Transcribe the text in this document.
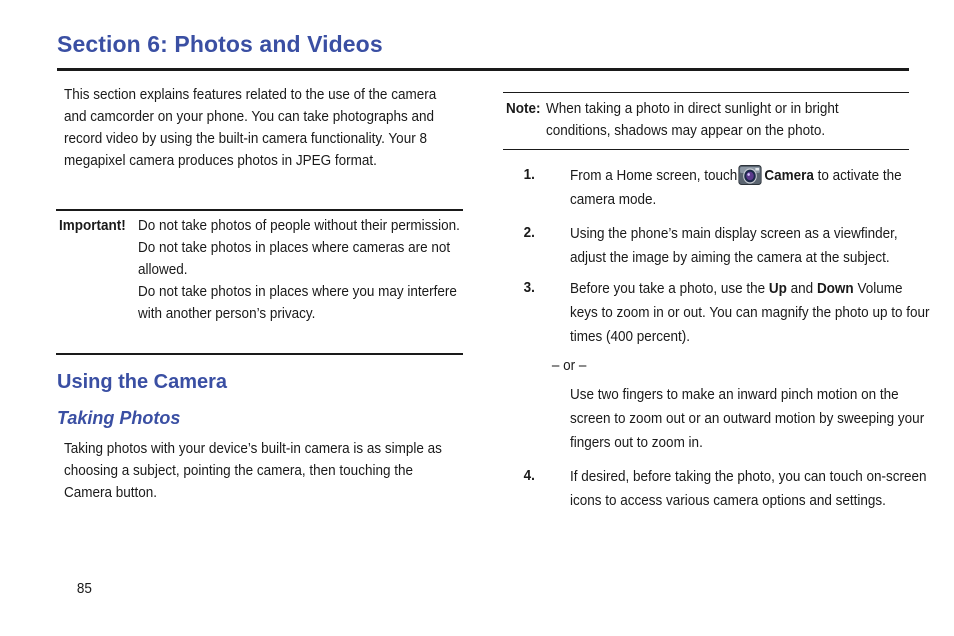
Section 6: Photos and Videos
This section explains features related to the use of the camera and camcorder on your phone. You can take photographs and record video by using the built-in camera functionality. Your 8 megapixel camera produces photos in JPEG format.
Important! Do not take photos of people without their permission.
Do not take photos in places where cameras are not allowed.
Do not take photos in places where you may interfere with another person’s privacy.
Using the Camera
Taking Photos
Taking photos with your device’s built-in camera is as simple as choosing a subject, pointing the camera, then touching the Camera button.
Note: When taking a photo in direct sunlight or in bright conditions, shadows may appear on the photo.
1. From a Home screen, touch Camera to activate the camera mode.
2. Using the phone’s main display screen as a viewfinder, adjust the image by aiming the camera at the subject.
3. Before you take a photo, use the Up and Down Volume keys to zoom in or out. You can magnify the photo up to four times (400 percent).
– or –
Use two fingers to make an inward pinch motion on the screen to zoom out or an outward motion by sweeping your fingers out to zoom in.
4. If desired, before taking the photo, you can touch on-screen icons to access various camera options and settings.
85
